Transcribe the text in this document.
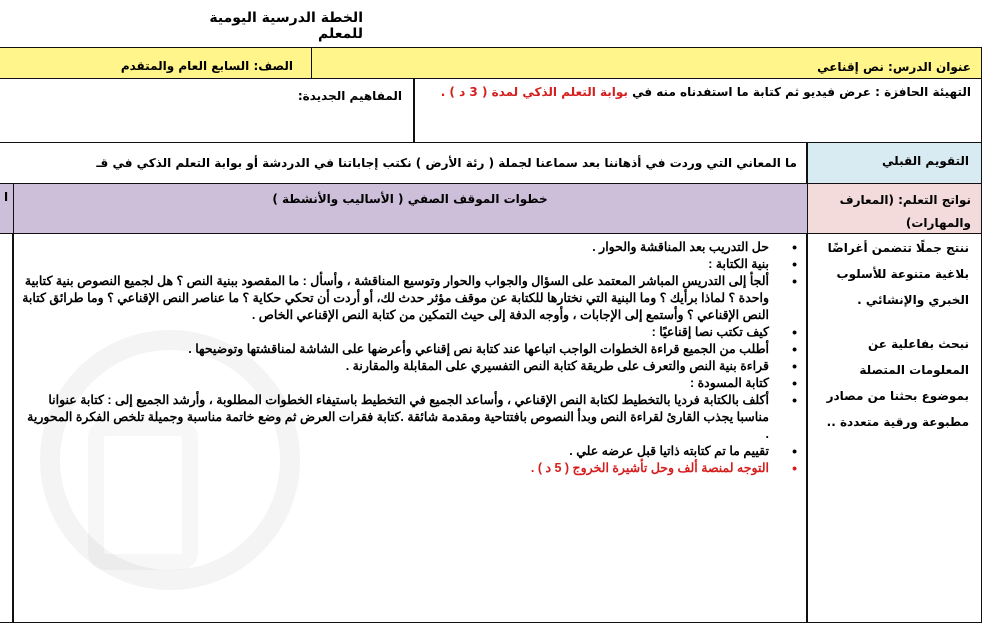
الخطة الدرسية اليومية للمعلم
عنوان الدرس: نص إقناعي
الصف: السابع العام والمتقدم
التهيئة الحافزة : عرض فيديو ثم كتابة ما استفدناه منه في بوابة التعلم الذكي لمدة ( 3 د ) .
المفاهيم الجديدة:
التقويم القبلي
ما المعاني التي وردت في أذهاننا بعد سماعنا لجملة ( رئة الأرض ) نكتب إجاباتنا في الدردشة أو بوابة التعلم الذكي في قـ
نواتج التعلم: (المعارف والمهارات)
خطوات الموقف الصفي ( الأساليب والأنشطة )
ا

ننتج جملًا تتضمن أغراضًا بلاغية متنوعة للأسلوب الخبري والإنشائي .

نبحث بفاعلية عن المعلومات المتصلة بموضوع بحثنا من مصادر مطبوعة ورقية متعددة ..

• حل التدريب بعد المناقشة والحوار .
• بنية الكتابة :
• ألجأ إلى التدريس المباشر المعتمد على السؤال والجواب والحوار وتوسيع المناقشة ، وأسأل : ما المقصود ببنية النص ؟ هل لجميع النصوص بنية كتابية واحدة ؟ لماذا برأيك ؟ وما البنية التي نختارها للكتابة عن موقف مؤثر حدث لك، أو أردت أن تحكي حكاية ؟ ما عناصر النص الإقناعي ؟ وما طرائق كتابة النص الإقناعي ؟ وأستمع إلى الإجابات ، وأوجه الدفة إلى حيث التمكين من كتابة النص الإقناعي الخاص .
• كيف تكتب نصا إقناعيًا :
• أطلب من الجميع قراءة الخطوات الواجب اتباعها عند كتابة نص إقناعي وأعرضها على الشاشة لمناقشتها وتوضيحها .
• قراءة بنية النص والتعرف على طريقة كتابة النص التفسيري على المقابلة والمقارنة .
• كتابة المسودة :
• أكلف بالكتابة فرديا بالتخطيط لكتابة النص الإقناعي ، وأساعد الجميع في التخطيط باستيفاء الخطوات المطلوبة ، وأرشد الجميع إلى : كتابة عنوانا مناسبا يجذب القارئ لقراءة النص وبدأ النصوص بافتتاحية ومقدمة شائقة .كتابة فقرات العرض ثم وضع خاتمة مناسبة وجميلة تلخص الفكرة المحورية .
• تقييم ما تم كتابته ذاتيا قبل عرضه علي .
• التوجه لمنصة ألف وحل تأشيرة الخروج ( 5 د ) .
